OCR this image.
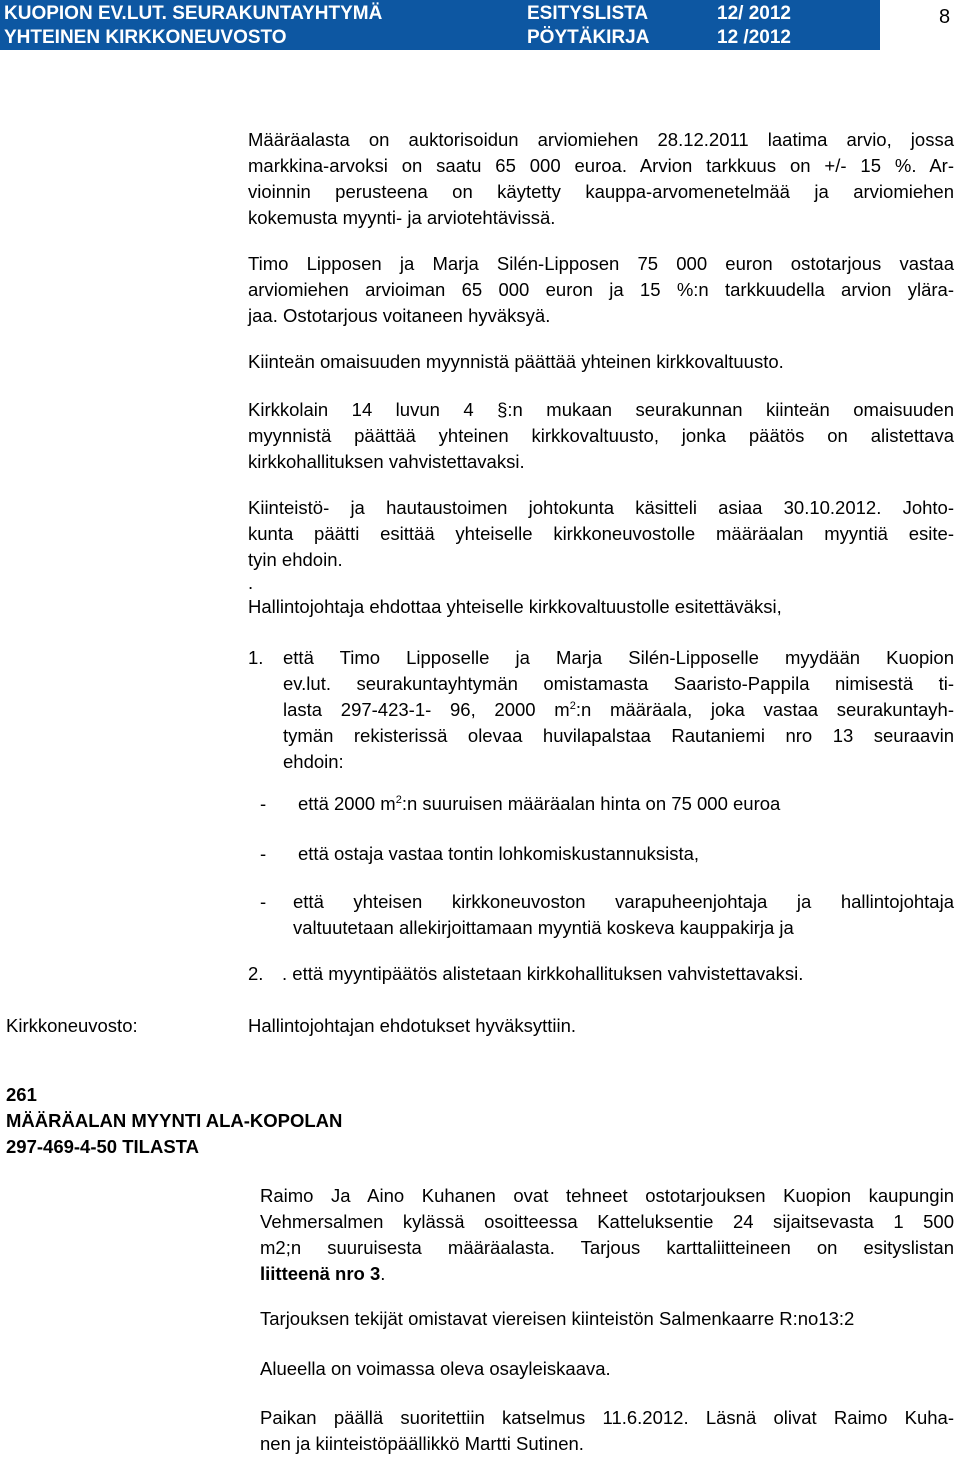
KUOPION EV.LUT. SEURAKUNTAYHTYMÄ
YHTEINEN KIRKKONEUVOSTO
ESITYSLISTA
PÖYTÄKIRJA
12/ 2012
12 /2012
8
Määräalasta on auktorisoidun arviomiehen 28.12.2011 laatima arvio, jossa
markkina-arvoksi on saatu 65 000 euroa. Arvion tarkkuus on +/- 15 %. Ar-
vioinnin perusteena on käytetty kauppa-arvomenetelmää ja arviomiehen
kokemusta myynti- ja arviotehtävissä.
Timo Lipposen ja Marja Silén-Lipposen 75 000 euron ostotarjous vastaa
arviomiehen arvioiman 65 000 euron ja 15 %:n tarkkuudella arvion ylära-
jaa. Ostotarjous voitaneen hyväksyä.
Kiinteän omaisuuden myynnistä päättää yhteinen kirkkovaltuusto.
Kirkkolain 14 luvun 4 §:n mukaan seurakunnan kiinteän omaisuuden
myynnistä päättää yhteinen kirkkovaltuusto, jonka päätös on alistettava
kirkkohallituksen vahvistettavaksi.
Kiinteistö- ja hautaustoimen johtokunta käsitteli asiaa 30.10.2012. Johto-
kunta päätti esittää yhteiselle kirkkoneuvostolle määräalan myyntiä esite-
tyin ehdoin.
.
Hallintojohtaja ehdottaa yhteiselle kirkkovaltuustolle esitettäväksi,
1. että Timo Lipposelle ja Marja Silén-Lipposelle myydään Kuopion
ev.lut. seurakuntayhtymän omistamasta Saaristo-Pappila nimisestä ti-
lasta 297-423-1- 96, 2000 $m^2:n$ määräala, joka vastaa seurakuntayh-
tymän rekisterissä olevaa huvilapalstaa Rautaniemi nro 13 seuraavin
ehdoin:
- että 2000 $m^2:n$ suuruisen määräalan hinta on 75 000 euroa
- että ostaja vastaa tontin lohkomiskustannuksista,
- että yhteisen kirkkoneuvoston varapuheenjohtaja ja hallintojohtaja
valtuutetaan allekirjoittamaan myyntiä koskeva kauppakirja ja
2. . että myyntipäätös alistetaan kirkkohallituksen vahvistettavaksi.
Kirkkoneuvosto:	Hallintojohtajan ehdotukset hyväksyttiin.
261
MÄÄRÄALAN MYYNTI ALA-KOPOLAN
297-469-4-50 TILASTA
Raimo Ja Aino Kuhanen ovat tehneet ostotarjouksen Kuopion kaupungin
Vehmersalmen kylässä osoitteessa Katteluksentie 24 sijaitsevasta 1 500
m2;n suuruisesta määräalasta. Tarjous karttaliitteineen on esityslistan
liitteenä nro 3.
Tarjouksen tekijät omistavat viereisen kiinteistön Salmenkaarre R:no13:2
Alueella on voimassa oleva osayleiskaava.
Paikan päällä suoritettiin katselmus 11.6.2012. Läsnä olivat Raimo Kuha-
nen ja kiinteistöpäällikkö Martti Sutinen.
